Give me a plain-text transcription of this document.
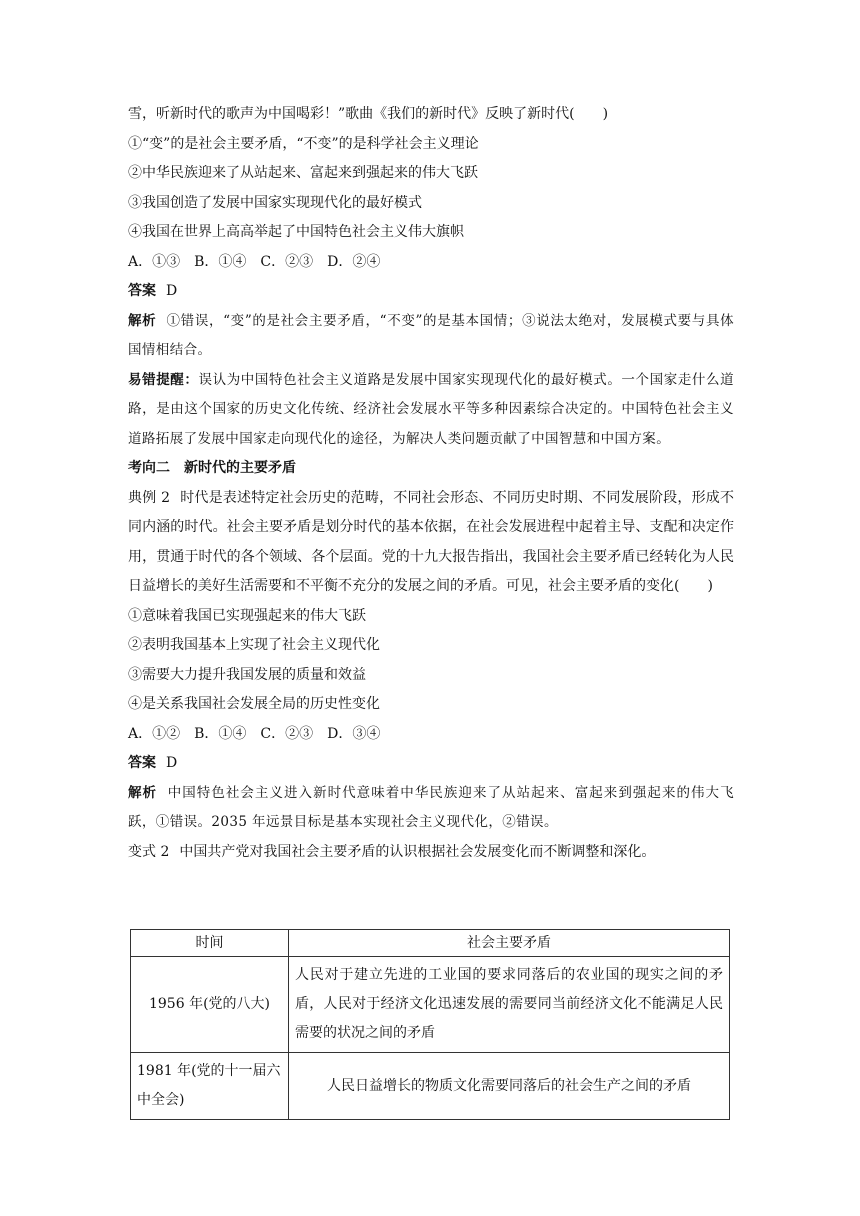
雪，听新时代的歌声为中国喝彩！”歌曲《我们的新时代》反映了新时代(　　)
①“变”的是社会主要矛盾，“不变”的是科学社会主义理论
②中华民族迎来了从站起来、富起来到强起来的伟大飞跃
③我国创造了发展中国家实现现代化的最好模式
④我国在世界上高高举起了中国特色社会主义伟大旗帜
A．①③　B．①④　C．②③　D．②④
答案 D
解析 ①错误，“变”的是社会主要矛盾，“不变”的是基本国情；③说法太绝对，发展模式要与具体国情相结合。
易错提醒：误认为中国特色社会主义道路是发展中国家实现现代化的最好模式。一个国家走什么道路，是由这个国家的历史文化传统、经济社会发展水平等多种因素综合决定的。中国特色社会主义道路拓展了发展中国家走向现代化的途径，为解决人类问题贡献了中国智慧和中国方案。
考向二　新时代的主要矛盾
典例 2 时代是表述特定社会历史的范畴，不同社会形态、不同历史时期、不同发展阶段，形成不同内涵的时代。社会主要矛盾是划分时代的基本依据，在社会发展进程中起着主导、支配和决定作用，贯通于时代的各个领域、各个层面。党的十九大报告指出，我国社会主要矛盾已经转化为人民日益增长的美好生活需要和不平衡不充分的发展之间的矛盾。可见，社会主要矛盾的变化(　　)
①意味着我国已实现强起来的伟大飞跃
②表明我国基本上实现了社会主义现代化
③需要大力提升我国发展的质量和效益
④是关系我国社会发展全局的历史性变化
A．①②　B．①④　C．②③　D．③④
答案 D
解析 中国特色社会主义进入新时代意味着中华民族迎来了从站起来、富起来到强起来的伟大飞跃，①错误。2035 年远景目标是基本实现社会主义现代化，②错误。
变式 2 中国共产党对我国社会主要矛盾的认识根据社会发展变化而不断调整和深化。
时间	社会主要矛盾
1956 年(党的八大)	人民对于建立先进的工业国的要求同落后的农业国的现实之间的矛盾，人民对于经济文化迅速发展的需要同当前经济文化不能满足人民需要的状况之间的矛盾
1981 年(党的十一届六中全会)	人民日益增长的物质文化需要同落后的社会生产之间的矛盾
